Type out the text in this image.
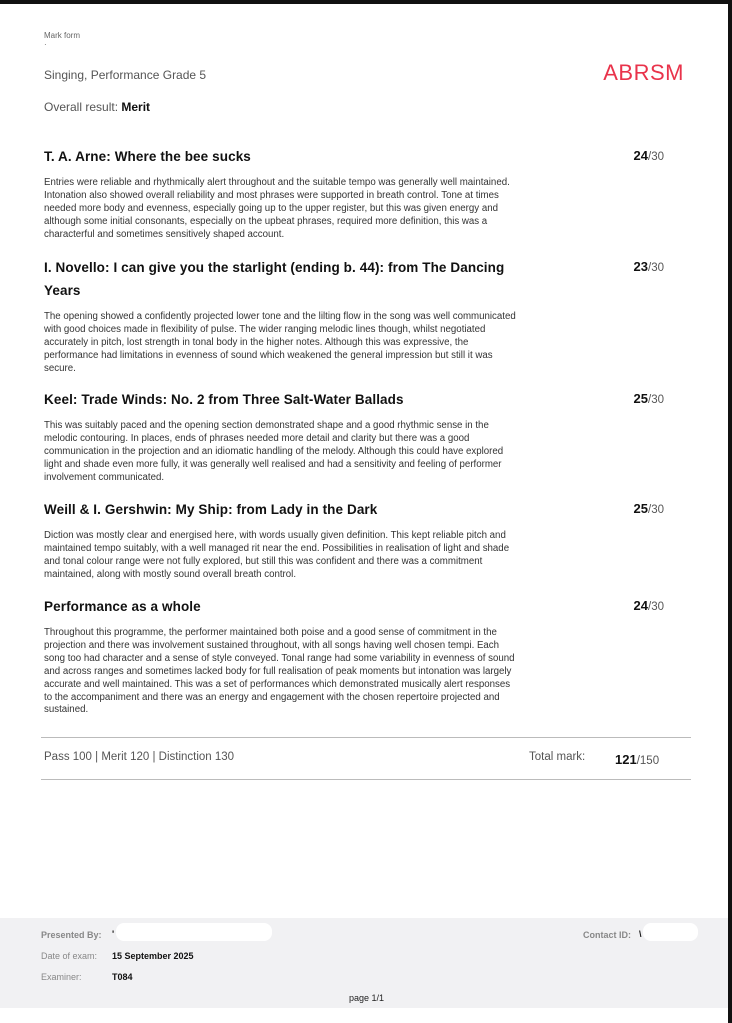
Mark form
·
Singing, Performance Grade 5
Overall result: Merit
ABRSM
T. A. Arne: Where the bee sucks	24/30
Entries were reliable and rhythmically alert throughout and the suitable tempo was generally well maintained. Intonation also showed overall reliability and most phrases were supported in breath control. Tone at times needed more body and evenness, especially going up to the upper register, but this was given energy and although some initial consonants, especially on the upbeat phrases, required more definition, this was a characterful and sometimes sensitively shaped account.
I. Novello: I can give you the starlight (ending b. 44): from The Dancing Years
23/30
The opening showed a confidently projected lower tone and the lilting flow in the song was well communicated with good choices made in flexibility of pulse. The wider ranging melodic lines though, whilst negotiated accurately in pitch, lost strength in tonal body in the higher notes. Although this was expressive, the performance had limitations in evenness of sound which weakened the general impression but still it was secure.
Keel: Trade Winds: No. 2 from Three Salt-Water Ballads	25/30
This was suitably paced and the opening section demonstrated shape and a good rhythmic sense in the melodic contouring. In places, ends of phrases needed more detail and clarity but there was a good communication in the projection and an idiomatic handling of the melody. Although this could have explored light and shade even more fully, it was generally well realised and had a sensitivity and feeling of performer involvement communicated.
Weill & I. Gershwin: My Ship: from Lady in the Dark	25/30
Diction was mostly clear and energised here, with words usually given definition. This kept reliable pitch and maintained tempo suitably, with a well managed rit near the end. Possibilities in realisation of light and shade and tonal colour range were not fully explored, but still this was confident and there was a commitment maintained, along with mostly sound overall breath control.
Performance as a whole	24/30
Throughout this programme, the performer maintained both poise and a good sense of commitment in the projection and there was involvement sustained throughout, with all songs having well chosen tempi. Each song too had character and a sense of style conveyed. Tonal range had some variability in evenness of sound and across ranges and sometimes lacked body for full realisation of peak moments but intonation was largely accurate and well maintained. This was a set of performances which demonstrated musically alert responses to the accompaniment and there was an energy and engagement with the chosen repertoire projected and sustained.
Pass 100 | Merit 120 | Distinction 130	Total mark: 121/150
Presented By: '	Contact ID: \
Date of exam: 15 September 2025
Examiner:	T084
page 1/1
